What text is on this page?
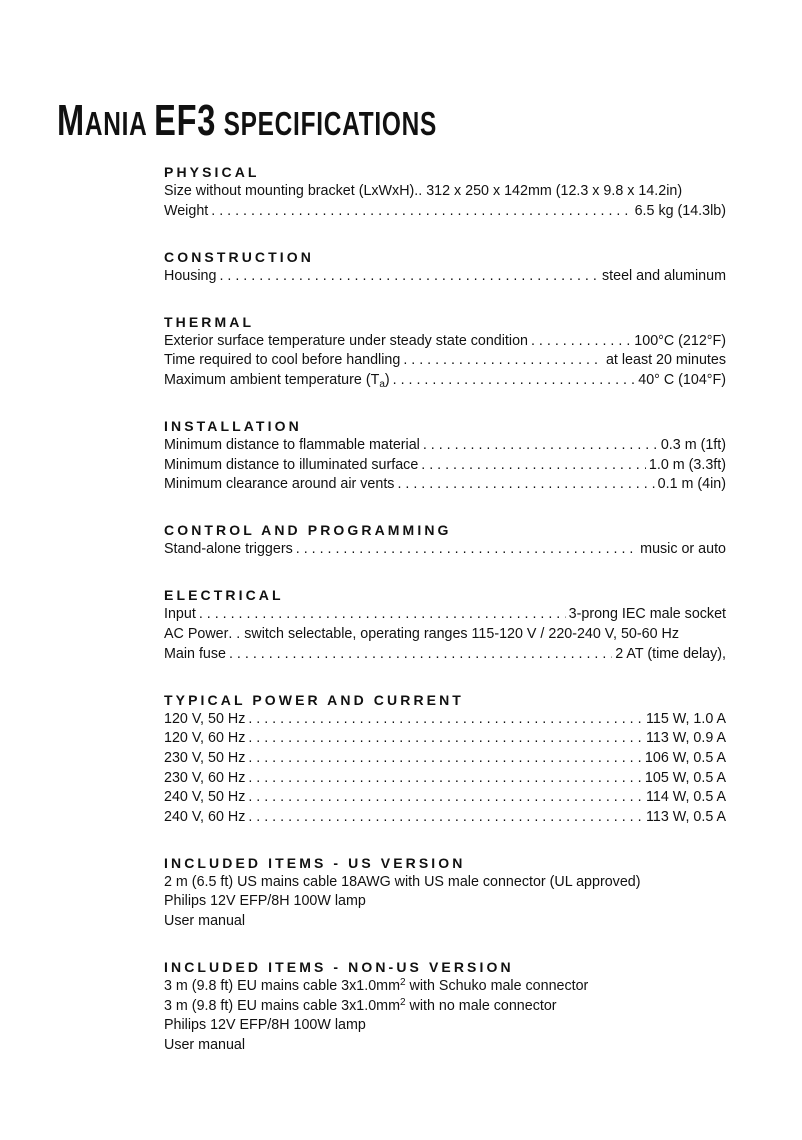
MANIA EF3 SPECIFICATIONS
PHYSICAL
Size without mounting bracket (LxWxH). . 312 x 250 x 142mm (12.3 x 9.8 x 14.2in)
Weight . . .	6.5 kg (14.3lb)
CONSTRUCTION
Housing . . .	steel and aluminum
THERMAL
Exterior surface temperature under steady state condition . . .	100°C (212°F)
Time required to cool before handling . . .	at least 20 minutes
Maximum ambient temperature $(T_a)$ . . .	40° C (104°F)
INSTALLATION
Minimum distance to flammable material . . .	0.3 m (1ft)
Minimum distance to illuminated surface . . .	1.0 m (3.3ft)
Minimum clearance around air vents . . .	0.1 m (4in)
CONTROL AND PROGRAMMING
Stand-alone triggers . . .	music or auto
ELECTRICAL
Input . . .	3-prong IEC male socket
AC Power . . switch selectable, operating ranges 115-120 V / 220-240 V, 50-60 Hz
Main fuse . . .	2 AT (time delay),
TYPICAL POWER AND CURRENT
120 V, 50 Hz . . .	115 W, 1.0 A
120 V, 60 Hz . . .	113 W, 0.9 A
230 V, 50 Hz . . .	106 W, 0.5 A
230 V, 60 Hz . . .	105 W, 0.5 A
240 V, 50 Hz . . .	114 W, 0.5 A
240 V, 60 Hz . . .	113 W, 0.5 A
INCLUDED ITEMS - US VERSION
2 m (6.5 ft) US mains cable 18AWG with US male connector (UL approved)
Philips 12V EFP/8H 100W lamp
User manual
INCLUDED ITEMS - NON-US VERSION
3 m (9.8 ft) EU mains cable $3x1.0mm^2$ with Schuko male connector
3 m (9.8 ft) EU mains cable $3x1.0mm^2$ with no male connector
Philips 12V EFP/8H 100W lamp
User manual
